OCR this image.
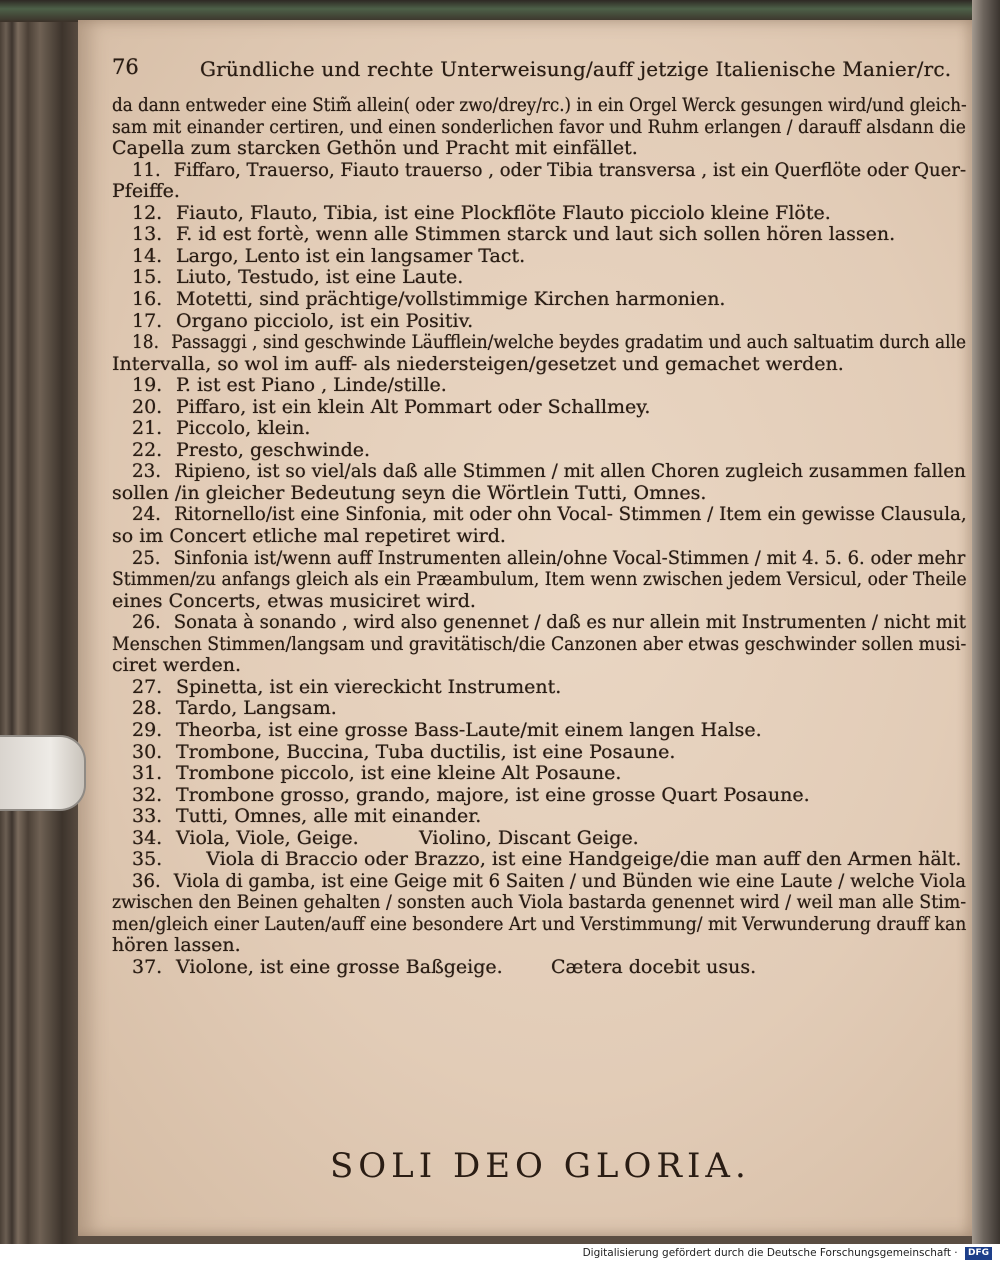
76	Gründliche und rechte Unterweisung/auff jetzige Italienische Manier/rc.
da dann entweder eine Stim̃ allein( oder zwo/drey/rc.) in ein Orgel Werck gesungen wird/und gleich-
sam mit einander certiren, und einen sonderlichen favor und Ruhm erlangen / darauff alsdann die
Capella zum starcken Gethön und Pracht mit einfället.
11. Fiffaro, Trauerso, Fiauto trauerso , oder Tibia transversa , ist ein Querflöte oder Quer-
Pfeiffe.
12. Fiauto, Flauto, Tibia, ist eine Plockflöte Flauto picciolo kleine Flöte.
13. F. id est fortè, wenn alle Stimmen starck und laut sich sollen hören lassen.
14. Largo, Lento ist ein langsamer Tact.
15. Liuto, Testudo, ist eine Laute.
16. Motetti, sind prächtige/vollstimmige Kirchen harmonien.
17. Organo picciolo, ist ein Positiv.
18. Passaggi , sind geschwinde Läufflein/welche beydes gradatim und auch saltuatim durch alle
Intervalla, so wol im auff- als niedersteigen/gesetzet und gemachet werden.
19. P. ist est Piano , Linde/stille.
20. Piffaro, ist ein klein Alt Pommart oder Schallmey.
21. Piccolo, klein.
22. Presto, geschwinde.
23. Ripieno, ist so viel/als daß alle Stimmen / mit allen Choren zugleich zusammen fallen
sollen /in gleicher Bedeutung seyn die Wörtlein Tutti, Omnes.
24. Ritornello/ist eine Sinfonia, mit oder ohn Vocal- Stimmen / Item ein gewisse Clausula,
so im Concert etliche mal repetiret wird.
25. Sinfonia ist/wenn auff Instrumenten allein/ohne Vocal-Stimmen / mit 4. 5. 6. oder mehr
Stimmen/zu anfangs gleich als ein Præambulum, Item wenn zwischen jedem Versicul, oder Theile
eines Concerts, etwas musiciret wird.
26. Sonata à sonando , wird also genennet / daß es nur allein mit Instrumenten / nicht mit
Menschen Stimmen/langsam und gravitätisch/die Canzonen aber etwas geschwinder sollen musi-
ciret werden.
27. Spinetta, ist ein viereckicht Instrument.
28. Tardo, Langsam.
29. Theorba, ist eine grosse Bass-Laute/mit einem langen Halse.
30. Trombone, Buccina, Tuba ductilis, ist eine Posaune.
31. Trombone piccolo, ist eine kleine Alt Posaune.
32. Trombone grosso, grando, majore, ist eine grosse Quart Posaune.
33. Tutti, Omnes, alle mit einander.
34. Viola, Viole, Geige.          Violino, Discant Geige.
35.     Viola di Braccio oder Brazzo, ist eine Handgeige/die man auff den Armen hält.
36. Viola di gamba, ist eine Geige mit 6 Saiten / und Bünden wie eine Laute / welche Viola
zwischen den Beinen gehalten / sonsten auch Viola bastarda genennet wird / weil man alle Stim-
men/gleich einer Lauten/auff eine besondere Art und Verstimmung/ mit Verwunderung drauff kan
hören lassen.
37. Violone, ist eine grosse Baßgeige.        Cætera docebit usus.
SOLI DEO GLORIA.
Digitalisierung gefördert durch die Deutsche Forschungsgemeinschaft · DFG
